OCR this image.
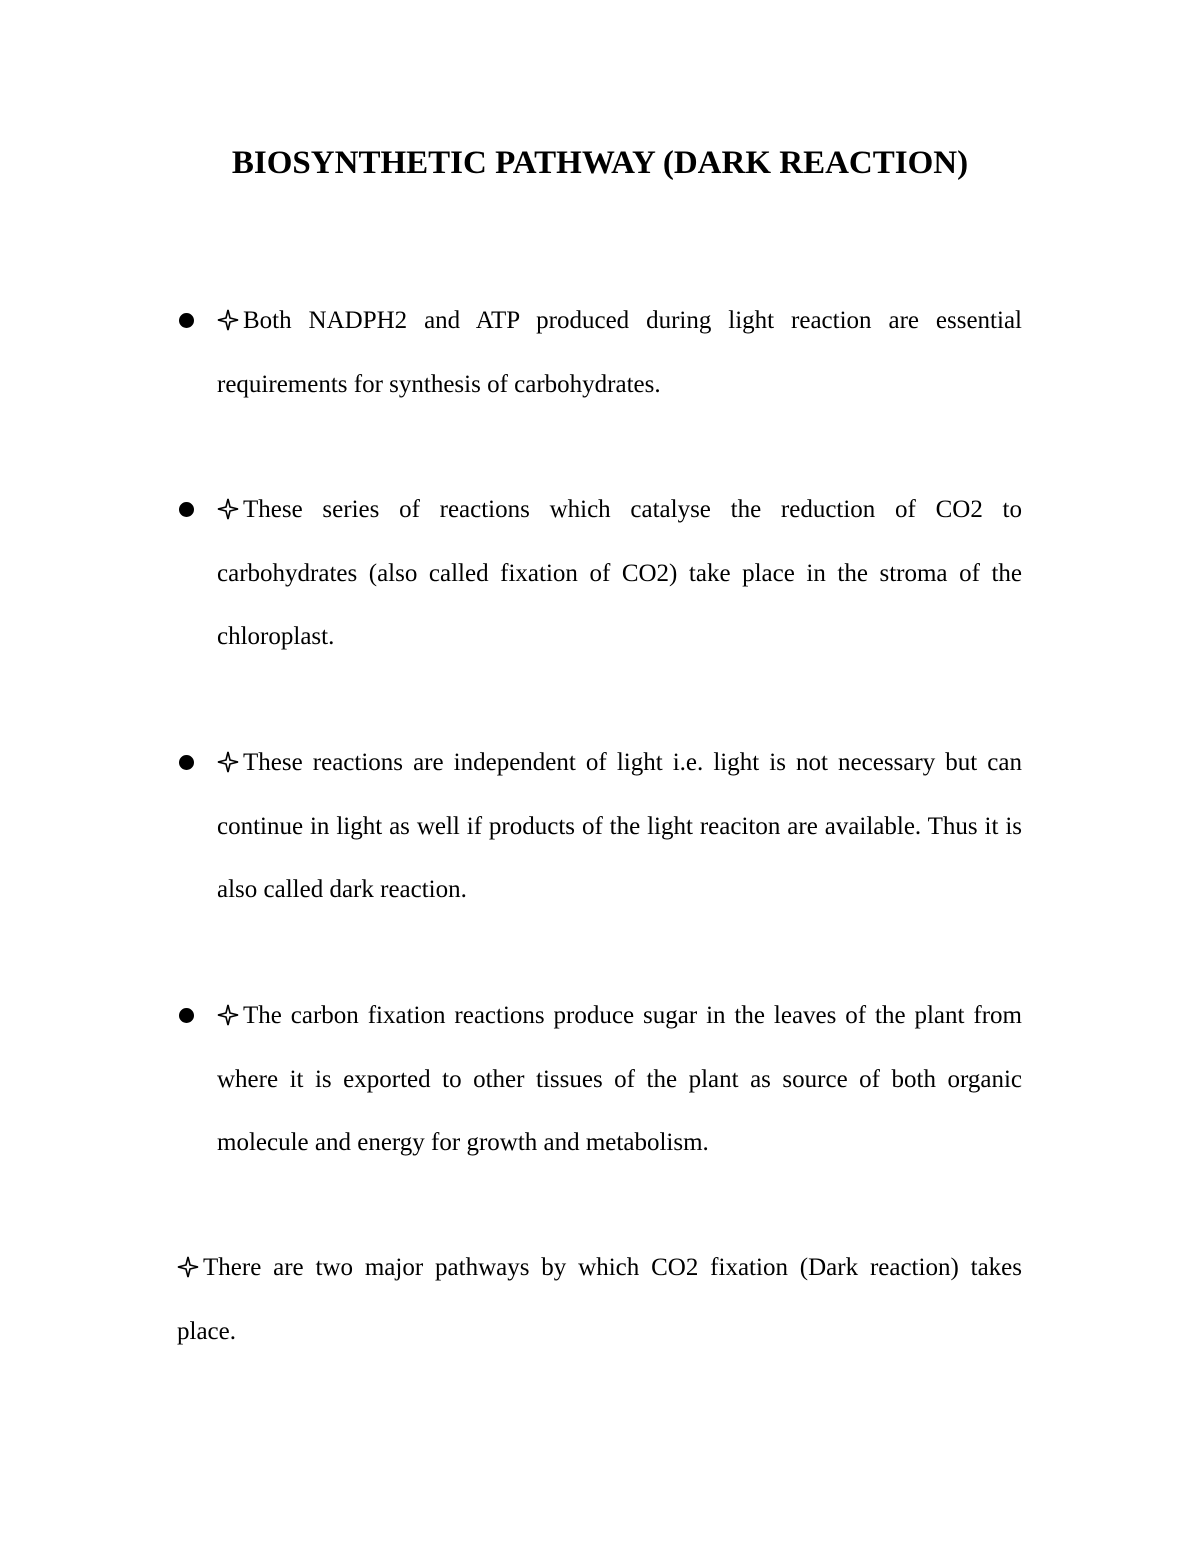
BIOSYNTHETIC PATHWAY (DARK REACTION)
Both NADPH2 and ATP produced during light reaction are essential requirements for synthesis of carbohydrates.
These series of reactions which catalyse the reduction of CO2 to carbohydrates (also called fixation of CO2) take place in the stroma of the chloroplast.
These reactions are independent of light i.e. light is not necessary but can continue in light as well if products of the light reaciton are available. Thus it is also called dark reaction.
The carbon fixation reactions produce sugar in the leaves of the plant from where it is exported to other tissues of the plant as source of both organic molecule and energy for growth and metabolism.

There are two major pathways by which CO2 fixation (Dark reaction) takes place.
